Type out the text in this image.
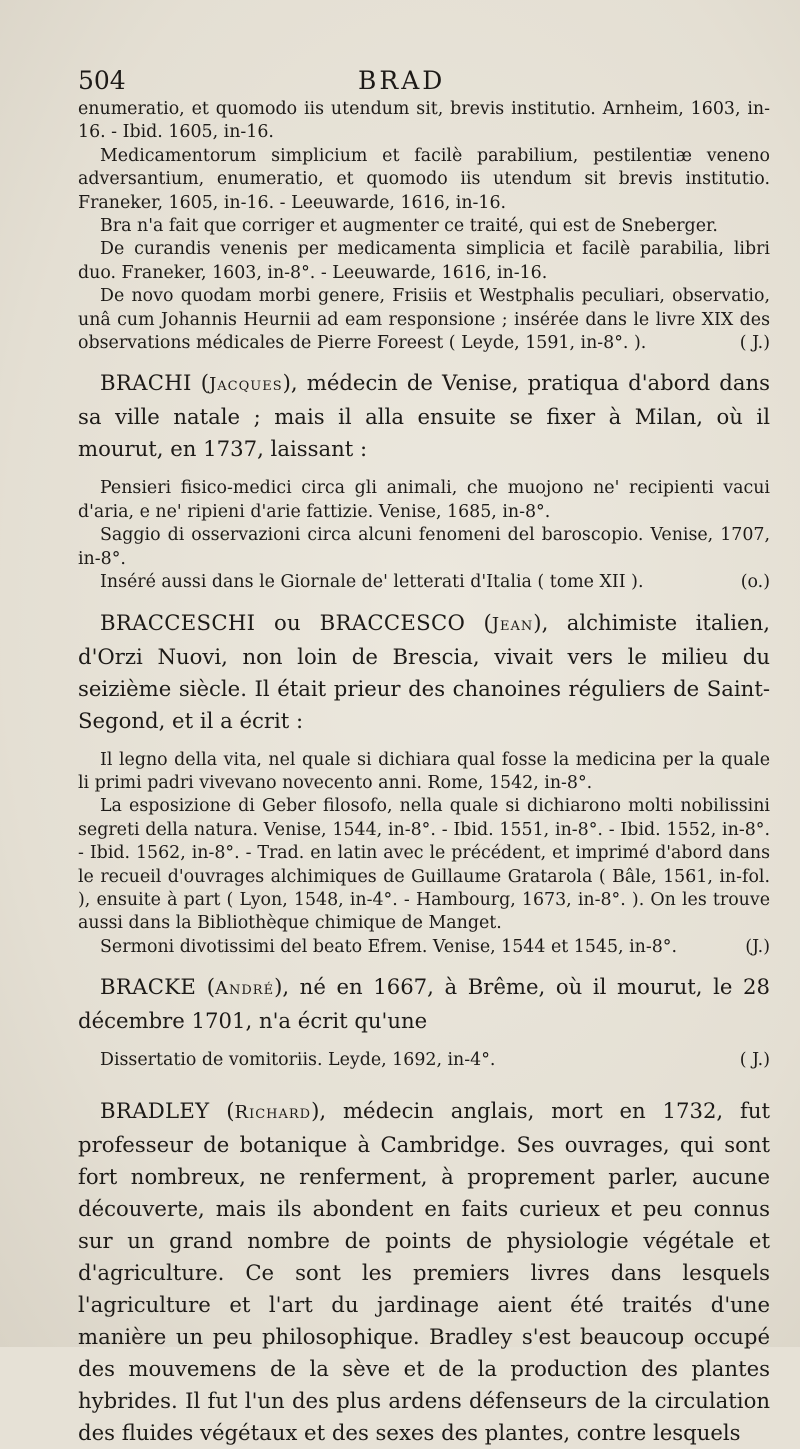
504	BRAD

enumeratio, et quomodo iis utendum sit, brevis institutio. Arnheim, 1603, in-16. - Ibid. 1605, in-16.

Medicamentorum simplicium et facilè parabilium, pestilentiæ veneno adversantium, enumeratio, et quomodo iis utendum sit brevis institutio. Franeker, 1605, in-16. - Leeuwarde, 1616, in-16.

Bra n'a fait que corriger et augmenter ce traité, qui est de Sneberger.

De curandis venenis per medicamenta simplicia et facilè parabilia, libri duo. Franeker, 1603, in-8°. - Leeuwarde, 1616, in-16.

De novo quodam morbi genere, Frisiis et Westphalis peculiari, observatio, unâ cum Johannis Heurnii ad eam responsione ; insérée dans le livre XIX des observations médicales de Pierre Foreest ( Leyde, 1591, in-8°. ).	( J.)

BRACHI (Jacques), médecin de Venise, pratiqua d'abord dans sa ville natale ; mais il alla ensuite se fixer à Milan, où il mourut, en 1737, laissant :

Pensieri fisico-medici circa gli animali, che muojono ne' recipienti vacui d'aria, e ne' ripieni d'arie fattizie. Venise, 1685, in-8°.

Saggio di osservazioni circa alcuni fenomeni del baroscopio. Venise, 1707, in-8°.

Inséré aussi dans le Giornale de' letterati d'Italia ( tome XII ).	(o.)

BRACCESCHI ou BRACCESCO (Jean), alchimiste italien, d'Orzi Nuovi, non loin de Brescia, vivait vers le milieu du seizième siècle. Il était prieur des chanoines réguliers de Saint-Segond, et il a écrit :

Il legno della vita, nel quale si dichiara qual fosse la medicina per la quale li primi padri vivevano novecento anni. Rome, 1542, in-8°.

La esposizione di Geber filosofo, nella quale si dichiarono molti nobilissini segreti della natura. Venise, 1544, in-8°. - Ibid. 1551, in-8°. - Ibid. 1552, in-8°. - Ibid. 1562, in-8°. - Trad. en latin avec le précédent, et imprimé d'abord dans le recueil d'ouvrages alchimiques de Guillaume Gratarola ( Bâle, 1561, in-fol. ), ensuite à part ( Lyon, 1548, in-4°. - Hambourg, 1673, in-8°. ). On les trouve aussi dans la Bibliothèque chimique de Manget.

Sermoni divotissimi del beato Efrem. Venise, 1544 et 1545, in-8°.	(J.)

BRACKE (André), né en 1667, à Brême, où il mourut, le 28 décembre 1701, n'a écrit qu'une

Dissertatio de vomitoriis. Leyde, 1692, in-4°.	( J.)

BRADLEY (Richard), médecin anglais, mort en 1732, fut professeur de botanique à Cambridge. Ses ouvrages, qui sont fort nombreux, ne renferment, à proprement parler, aucune découverte, mais ils abondent en faits curieux et peu connus sur un grand nombre de points de physiologie végétale et d'agriculture. Ce sont les premiers livres dans lesquels l'agriculture et l'art du jardinage aient été traités d'une manière un peu philosophique. Bradley s'est beaucoup occupé des mouvemens de la sève et de la production des plantes hybrides. Il fut l'un des plus ardens défenseurs de la circulation des fluides végétaux et des sexes des plantes, contre lesquels
